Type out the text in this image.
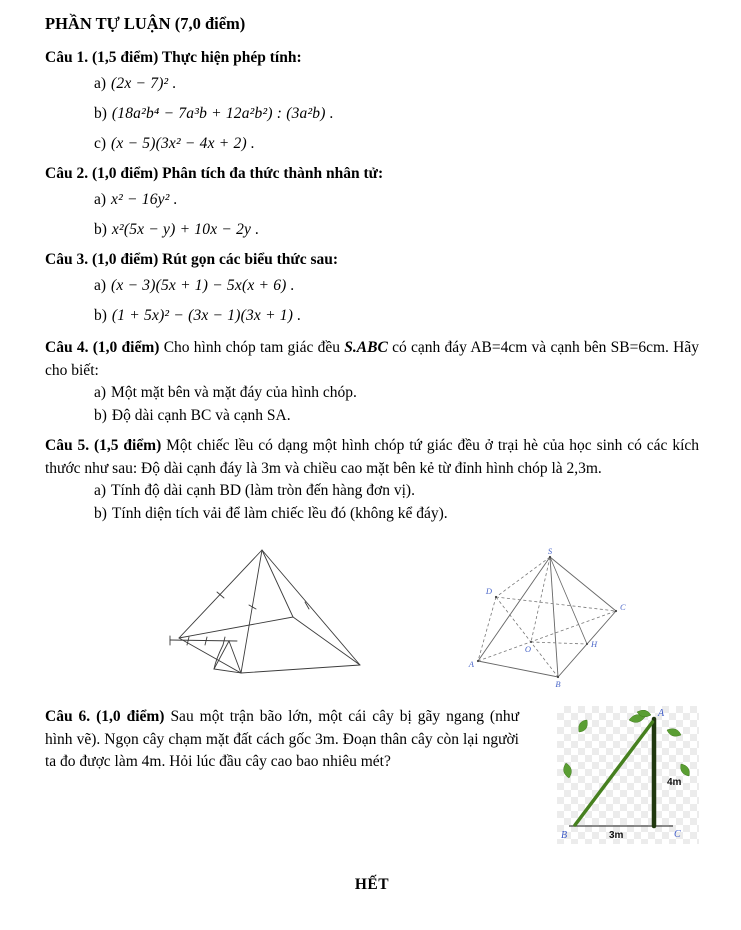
PHẦN TỰ LUẬN (7,0 điểm)

Câu 1. (1,5 điểm) Thực hiện phép tính:

a) (2x − 7)² .
b) (18a²b⁴ − 7a³b + 12a²b²) : (3a²b) .
c) (x − 5)(3x² − 4x + 2) .

Câu 2. (1,0 điểm) Phân tích đa thức thành nhân tử:

a) x² − 16y² .
b) x²(5x − y) + 10x − 2y .

Câu 3. (1,0 điểm) Rút gọn các biểu thức sau:

a) (x − 3)(5x + 1) − 5x(x + 6) .
b) (1 + 5x)² − (3x − 1)(3x + 1) .

Câu 4. (1,0 điểm) Cho hình chóp tam giác đều S.ABC có cạnh đáy AB=4cm và cạnh bên SB=6cm. Hãy cho biết:

a) Một mặt bên và mặt đáy của hình chóp.
b) Độ dài cạnh BC và cạnh SA.

Câu 5. (1,5 điểm) Một chiếc lều có dạng một hình chóp tứ giác đều ở trại hè của học sinh có các kích thước như sau: Độ dài cạnh đáy là 3m và chiều cao mặt bên kẻ từ đỉnh hình chóp là 2,3m.

a) Tính độ dài cạnh BD (làm tròn đến hàng đơn vị).
b) Tính diện tích vải để làm chiếc lều đó (không kể đáy).
S
D
C
A
B
O	H
A
B	C
4m
3m

Câu 6. (1,0 điểm) Sau một trận bão lớn, một cái cây bị gãy ngang (như hình vẽ). Ngọn cây chạm mặt đất cách gốc 3m. Đoạn thân cây còn lại người ta đo được làm 4m. Hỏi lúc đầu cây cao bao nhiêu mét?

HẾT
